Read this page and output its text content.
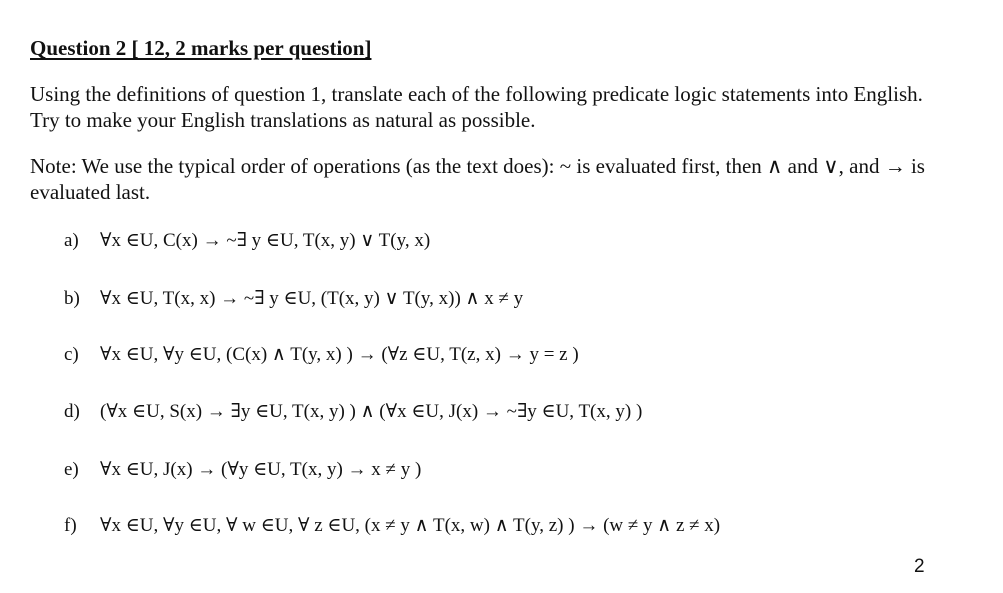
Question 2 [ 12, 2 marks per question]
Using the definitions of question 1, translate each of the following predicate logic statements into English. Try to make your English translations as natural as possible.
Note: We use the typical order of operations (as the text does): ~ is evaluated first, then ∧ and ∨, and → is evaluated last.
a) ∀x ∈U, C(x) → ~∃ y ∈U, T(x, y) ∨ T(y, x)
b) ∀x ∈U, T(x, x) → ~∃ y ∈U, (T(x, y) ∨ T(y, x)) ∧ x ≠ y
c) ∀x ∈U, ∀y ∈U, (C(x) ∧ T(y, x) ) → (∀z ∈U, T(z, x) → y = z )
d) (∀x ∈U, S(x) → ∃y ∈U, T(x, y) ) ∧ (∀x ∈U, J(x) → ~∃y ∈U, T(x, y) )
e) ∀x ∈U, J(x) → (∀y ∈U, T(x, y) → x ≠ y )
f) ∀x ∈U, ∀y ∈U, ∀ w ∈U, ∀ z ∈U, (x ≠ y ∧ T(x, w) ∧ T(y, z) ) → (w ≠ y ∧ z ≠ x)
2
